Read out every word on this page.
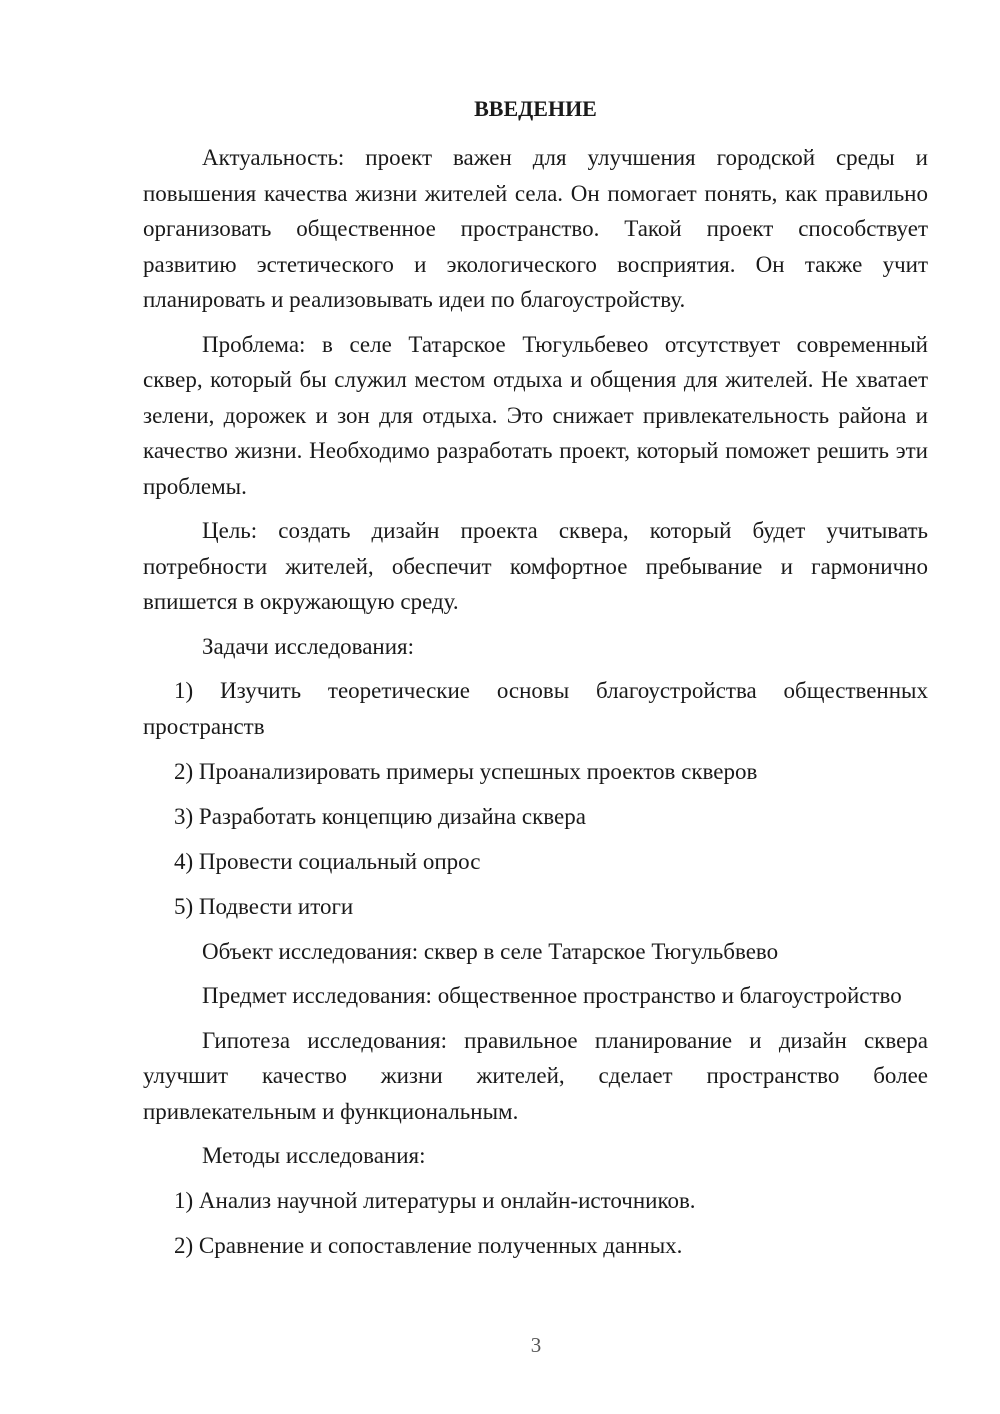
ВВЕДЕНИЕ

Актуальность: проект важен для улучшения городской среды и повышения качества жизни жителей села. Он помогает понять, как правильно организовать общественное пространство. Такой проект способствует развитию эстетического и экологического восприятия. Он также учит планировать и реализовывать идеи по благоустройству.

Проблема: в селе Татарское Тюгульбевео отсутствует современный сквер, который бы служил местом отдыха и общения для жителей. Не хватает зелени, дорожек и зон для отдыха. Это снижает привлекательность района и качество жизни. Необходимо разработать проект, который поможет решить эти проблемы.

Цель: создать дизайн проекта сквера, который будет учитывать потребности жителей, обеспечит комфортное пребывание и гармонично впишется в окружающую среду.

Задачи исследования:

1) Изучить теоретические основы благоустройства общественных пространств

2) Проанализировать примеры успешных проектов скверов

3) Разработать концепцию дизайна сквера

4) Провести социальный опрос

5) Подвести итоги

Объект исследования: сквер в селе Татарское Тюгульбвево

Предмет исследования: общественное пространство и благоустройство

Гипотеза исследования: правильное планирование и дизайн сквера улучшит качество жизни жителей, сделает пространство более привлекательным и функциональным.

Методы исследования:

1) Анализ научной литературы и онлайн-источников.

2) Сравнение и сопоставление полученных данных.

3
